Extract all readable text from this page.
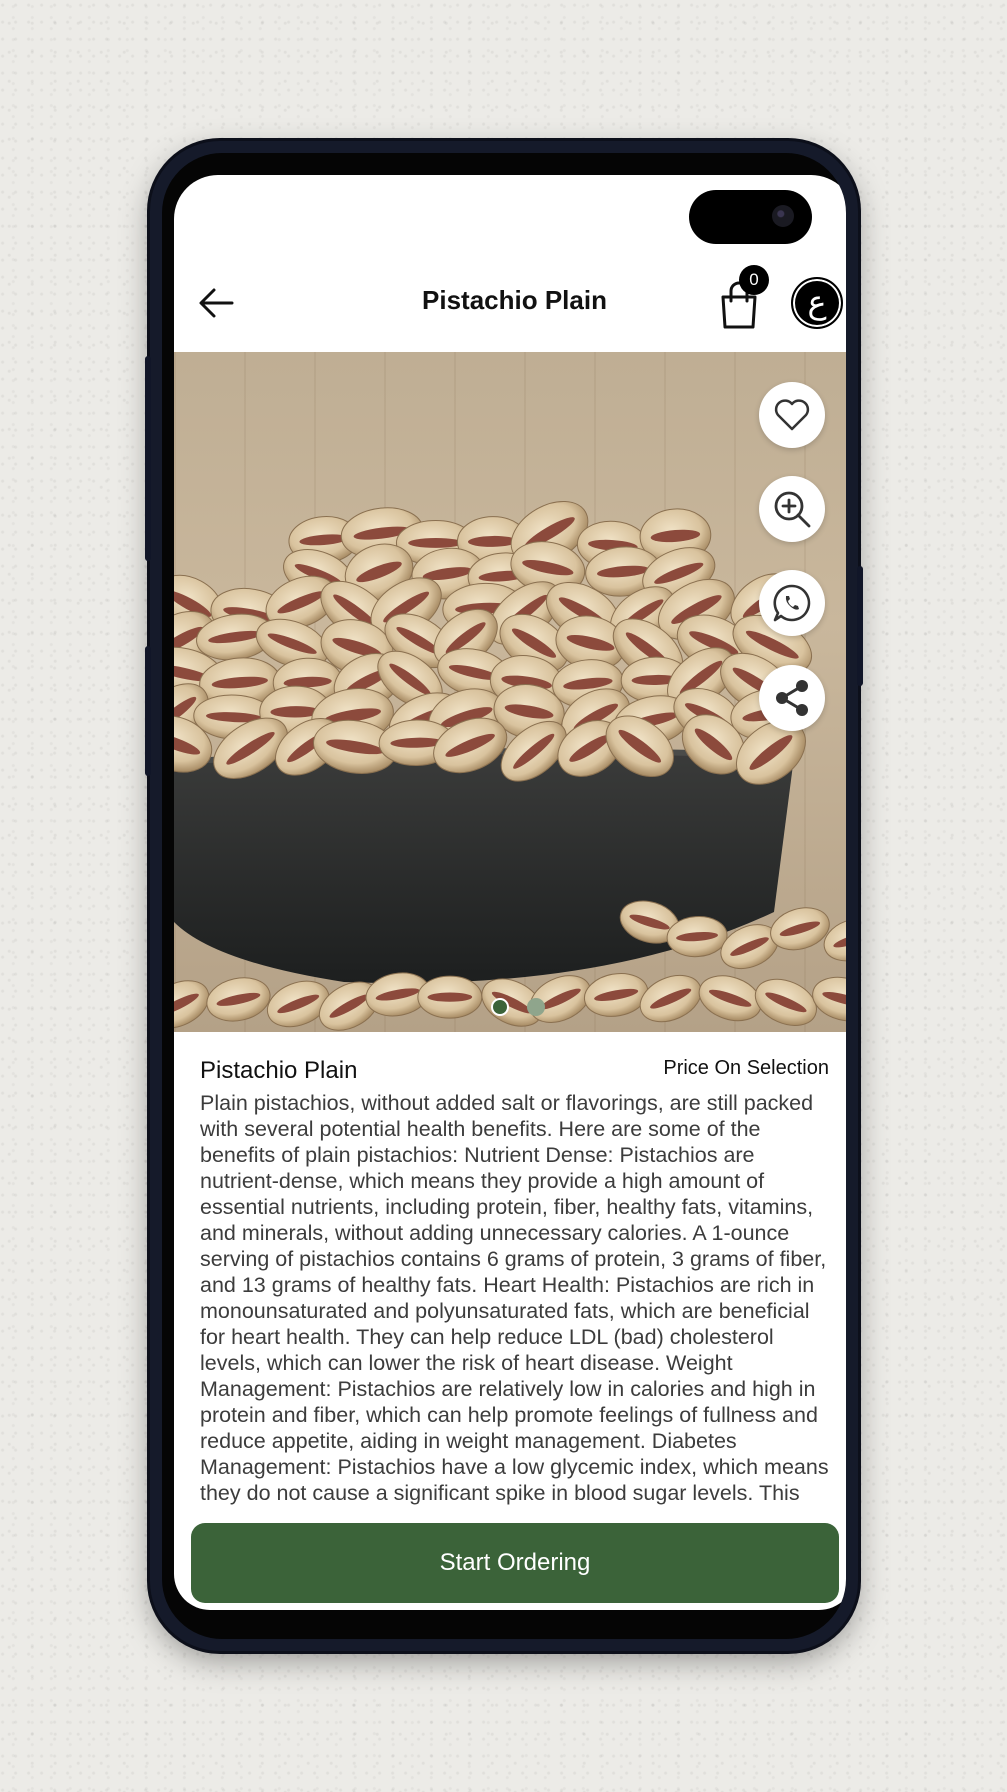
Pistachio Plain
0
ع
Pistachio Plain	Price On Selection
Plain pistachios, without added salt or flavorings, are still packed with several potential health benefits. Here are some of the benefits of plain pistachios: Nutrient Dense: Pistachios are nutrient-dense, which means they provide a high amount of essential nutrients, including protein, fiber, healthy fats, vitamins, and minerals, without adding unnecessary calories. A 1-ounce serving of pistachios contains 6 grams of protein, 3 grams of fiber, and 13 grams of healthy fats. Heart Health: Pistachios are rich in monounsaturated and polyunsaturated fats, which are beneficial for heart health. They can help reduce LDL (bad) cholesterol levels, which can lower the risk of heart disease. Weight Management: Pistachios are relatively low in calories and high in protein and fiber, which can help promote feelings of fullness and reduce appetite, aiding in weight management. Diabetes Management: Pistachios have a low glycemic index, which means they do not cause a significant spike in blood sugar levels. This
Start Ordering
